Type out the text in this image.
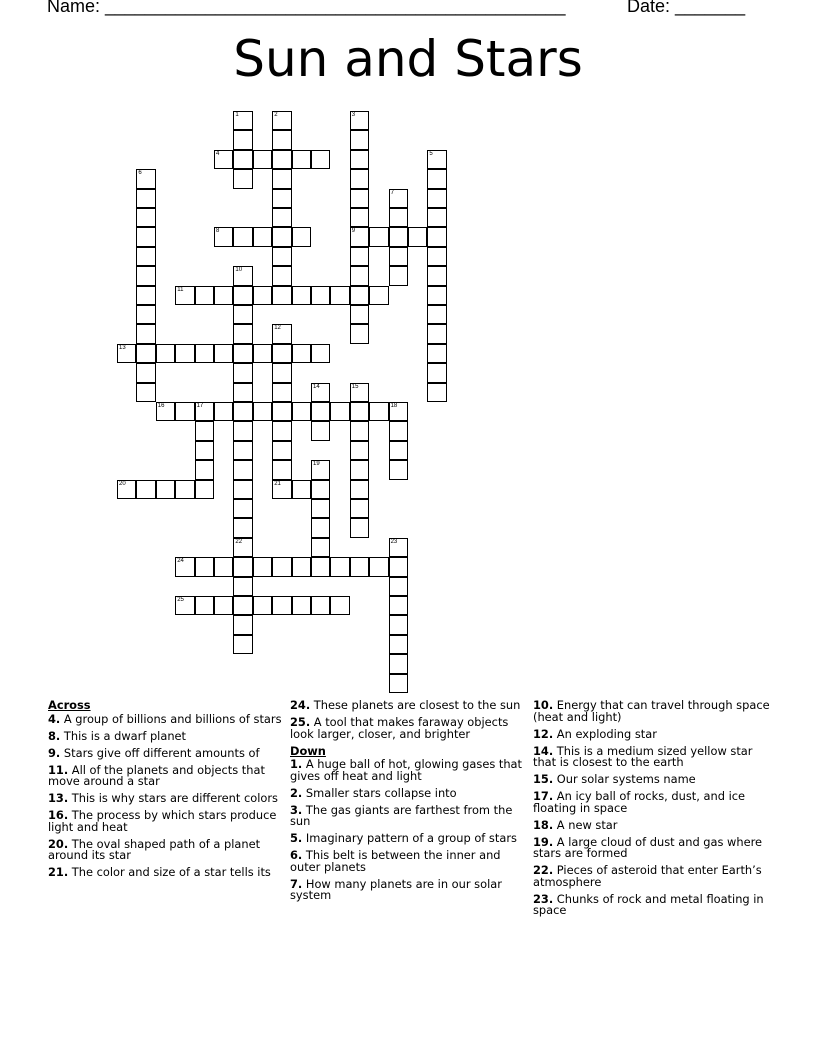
Name: ______________________________________________	Date: _______
Sun and Stars
1	2	3
4	5
6
7
8	9
10
11
12
13
14	15
16	17	18
19
20	21
22	23
24
25
Across
4. A group of billions and billions of stars
8. This is a dwarf planet
9. Stars give off different amounts of
11. All of the planets and objects that move around a star
13. This is why stars are different colors
16. The process by which stars produce light and heat
20. The oval shaped path of a planet around its star
21. The color and size of a star tells its
24. These planets are closest to the sun
25. A tool that makes faraway objects look larger, closer, and brighter
Down
1. A huge ball of hot, glowing gases that gives off heat and light
2. Smaller stars collapse into
3. The gas giants are farthest from the sun
5. Imaginary pattern of a group of stars
6. This belt is between the inner and outer planets
7. How many planets are in our solar system
10. Energy that can travel through space (heat and light)
12. An exploding star
14. This is a medium sized yellow star that is closest to the earth
15. Our solar systems name
17. An icy ball of rocks, dust, and ice floating in space
18. A new star
19. A large cloud of dust and gas where stars are formed
22. Pieces of asteroid that enter Earth’s atmosphere
23. Chunks of rock and metal floating in space
